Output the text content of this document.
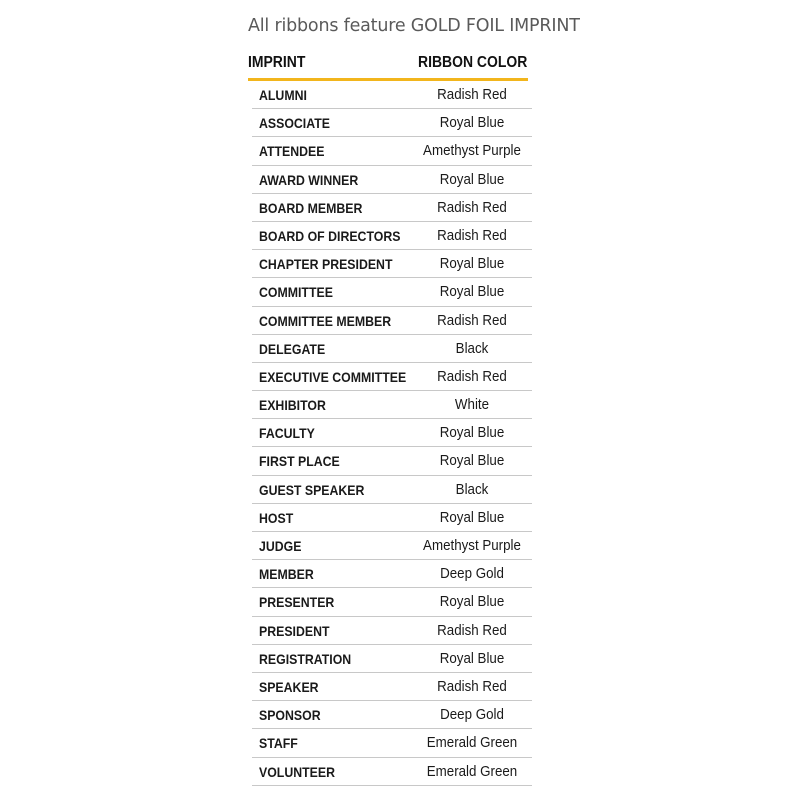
All ribbons feature GOLD FOIL IMPRINT
IMPRINT	RIBBON COLOR
ALUMNI	Radish Red
ASSOCIATE	Royal Blue
ATTENDEE	Amethyst Purple
AWARD WINNER	Royal Blue
BOARD MEMBER	Radish Red
BOARD OF DIRECTORS	Radish Red
CHAPTER PRESIDENT	Royal Blue
COMMITTEE	Royal Blue
COMMITTEE MEMBER	Radish Red
DELEGATE	Black
EXECUTIVE COMMITTEE	Radish Red
EXHIBITOR	White
FACULTY	Royal Blue
FIRST PLACE	Royal Blue
GUEST SPEAKER	Black
HOST	Royal Blue
JUDGE	Amethyst Purple
MEMBER	Deep Gold
PRESENTER	Royal Blue
PRESIDENT	Radish Red
REGISTRATION	Royal Blue
SPEAKER	Radish Red
SPONSOR	Deep Gold
STAFF	Emerald Green
VOLUNTEER	Emerald Green
